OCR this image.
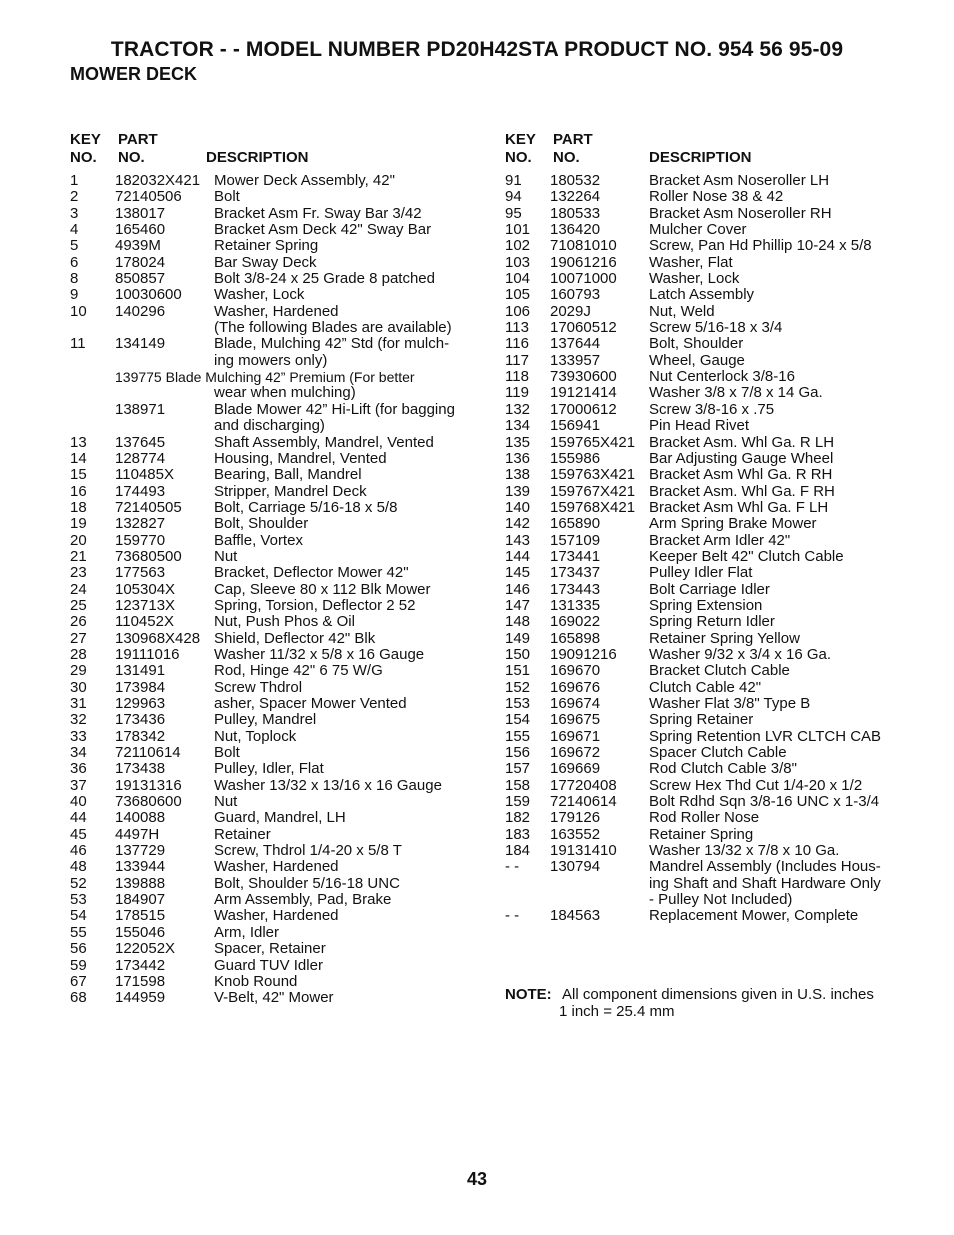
TRACTOR - - MODEL NUMBER PD20H42STA PRODUCT NO. 954 56 95-09
MOWER DECK
KEY
NO.
PART
NO.	DESCRIPTION
1 182032X421 Mower Deck Assembly, 42"
2 72140506 Bolt
3 138017	Bracket Asm Fr. Sway Bar 3/42
4 165460	Bracket Asm Deck 42" Sway Bar
5 4939M	Retainer Spring
6 178024	Bar Sway Deck
8 850857	Bolt 3/8-24 x 25 Grade 8 patched
9 10030600 Washer, Lock
10 140296	Washer, Hardened
(The following Blades are available)
11 134149	Blade, Mulching 42” Std (for mulch-
ing mowers only)
139775 Blade Mulching 42” Premium (For better
wear when mulching)
138971	Blade Mower 42” Hi-Lift (for bagging
and discharging)
13 137645	Shaft Assembly, Mandrel, Vented
14 128774	Housing, Mandrel, Vented
15 110485X	Bearing, Ball, Mandrel
16 174493	Stripper, Mandrel Deck
18 72140505 Bolt, Carriage 5/16-18 x 5/8
19 132827	Bolt, Shoulder
20 159770	Baffle, Vortex
21 73680500 Nut
23 177563	Bracket, Deflector Mower 42"
24 105304X	Cap, Sleeve 80 x 112 Blk Mower
25 123713X	Spring, Torsion, Deflector 2 52
26 110452X	Nut, Push Phos & Oil
27 130968X428 Shield, Deflector 42" Blk
28 19111016 Washer 11/32 x 5/8 x 16 Gauge
29 131491	Rod, Hinge 42" 6 75 W/G
30 173984	Screw Thdrol
31 129963	asher, Spacer Mower Vented
32 173436	Pulley, Mandrel
33 178342	Nut, Toplock
34 72110614 Bolt
36 173438	Pulley, Idler, Flat
37 19131316 Washer 13/32 x 13/16 x 16 Gauge
40 73680600 Nut
44 140088	Guard, Mandrel, LH
45 4497H	Retainer
46 137729	Screw, Thdrol 1/4-20 x 5/8 T
48 133944	Washer, Hardened
52 139888	Bolt, Shoulder 5/16-18 UNC
53 184907	Arm Assembly, Pad, Brake
54 178515	Washer, Hardened
55 155046	Arm, Idler
56 122052X	Spacer, Retainer
59 173442	Guard TUV Idler
67 171598	Knob Round
68 144959	V-Belt, 42" Mower
KEY
NO.
PART
NO.	DESCRIPTION
91 180532	Bracket Asm Noseroller LH
94 132264	Roller Nose 38 & 42
95 180533	Bracket Asm Noseroller RH
101 136420	Mulcher Cover
102 71081010 Screw, Pan Hd Phillip 10-24 x 5/8
103 19061216 Washer, Flat
104 10071000 Washer, Lock
105 160793	Latch Assembly
106 2029J	Nut, Weld
113 17060512 Screw 5/16-18 x 3/4
116 137644	Bolt, Shoulder
117 133957	Wheel, Gauge
118 73930600 Nut Centerlock 3/8-16
119 19121414 Washer 3/8 x 7/8 x 14 Ga.
132 17000612 Screw 3/8-16 x .75
134 156941	Pin Head Rivet
135 159765X421 Bracket Asm. Whl Ga. R LH
136 155986	Bar Adjusting Gauge Wheel
138 159763X421 Bracket Asm Whl Ga. R RH
139 159767X421 Bracket Asm. Whl Ga. F RH
140 159768X421 Bracket Asm Whl Ga. F LH
142 165890	Arm Spring Brake Mower
143 157109	Bracket Arm Idler 42"
144 173441	Keeper Belt 42" Clutch Cable
145 173437	Pulley Idler Flat
146 173443	Bolt Carriage Idler
147 131335	Spring Extension
148 169022	Spring Return Idler
149 165898	Retainer Spring Yellow
150 19091216 Washer 9/32 x 3/4 x 16 Ga.
151 169670	Bracket Clutch Cable
152 169676	Clutch Cable 42"
153 169674	Washer Flat 3/8" Type B
154 169675	Spring Retainer
155 169671	Spring Retention LVR CLTCH CAB
156 169672	Spacer Clutch Cable
157 169669	Rod Clutch Cable 3/8"
158 17720408 Screw Hex Thd Cut 1/4-20 x 1/2
159 72140614 Bolt Rdhd Sqn 3/8-16 UNC x 1-3/4
182 179126	Rod Roller Nose
183 163552	Retainer Spring
184 19131410 Washer 13/32 x 7/8 x 10 Ga.
- - 130794	Mandrel Assembly (Includes Hous-
ing Shaft and Shaft Hardware Only
- Pulley Not Included)
- - 184563	Replacement Mower, Complete
NOTE: All component dimensions given in U.S. inches
1 inch = 25.4 mm
43
